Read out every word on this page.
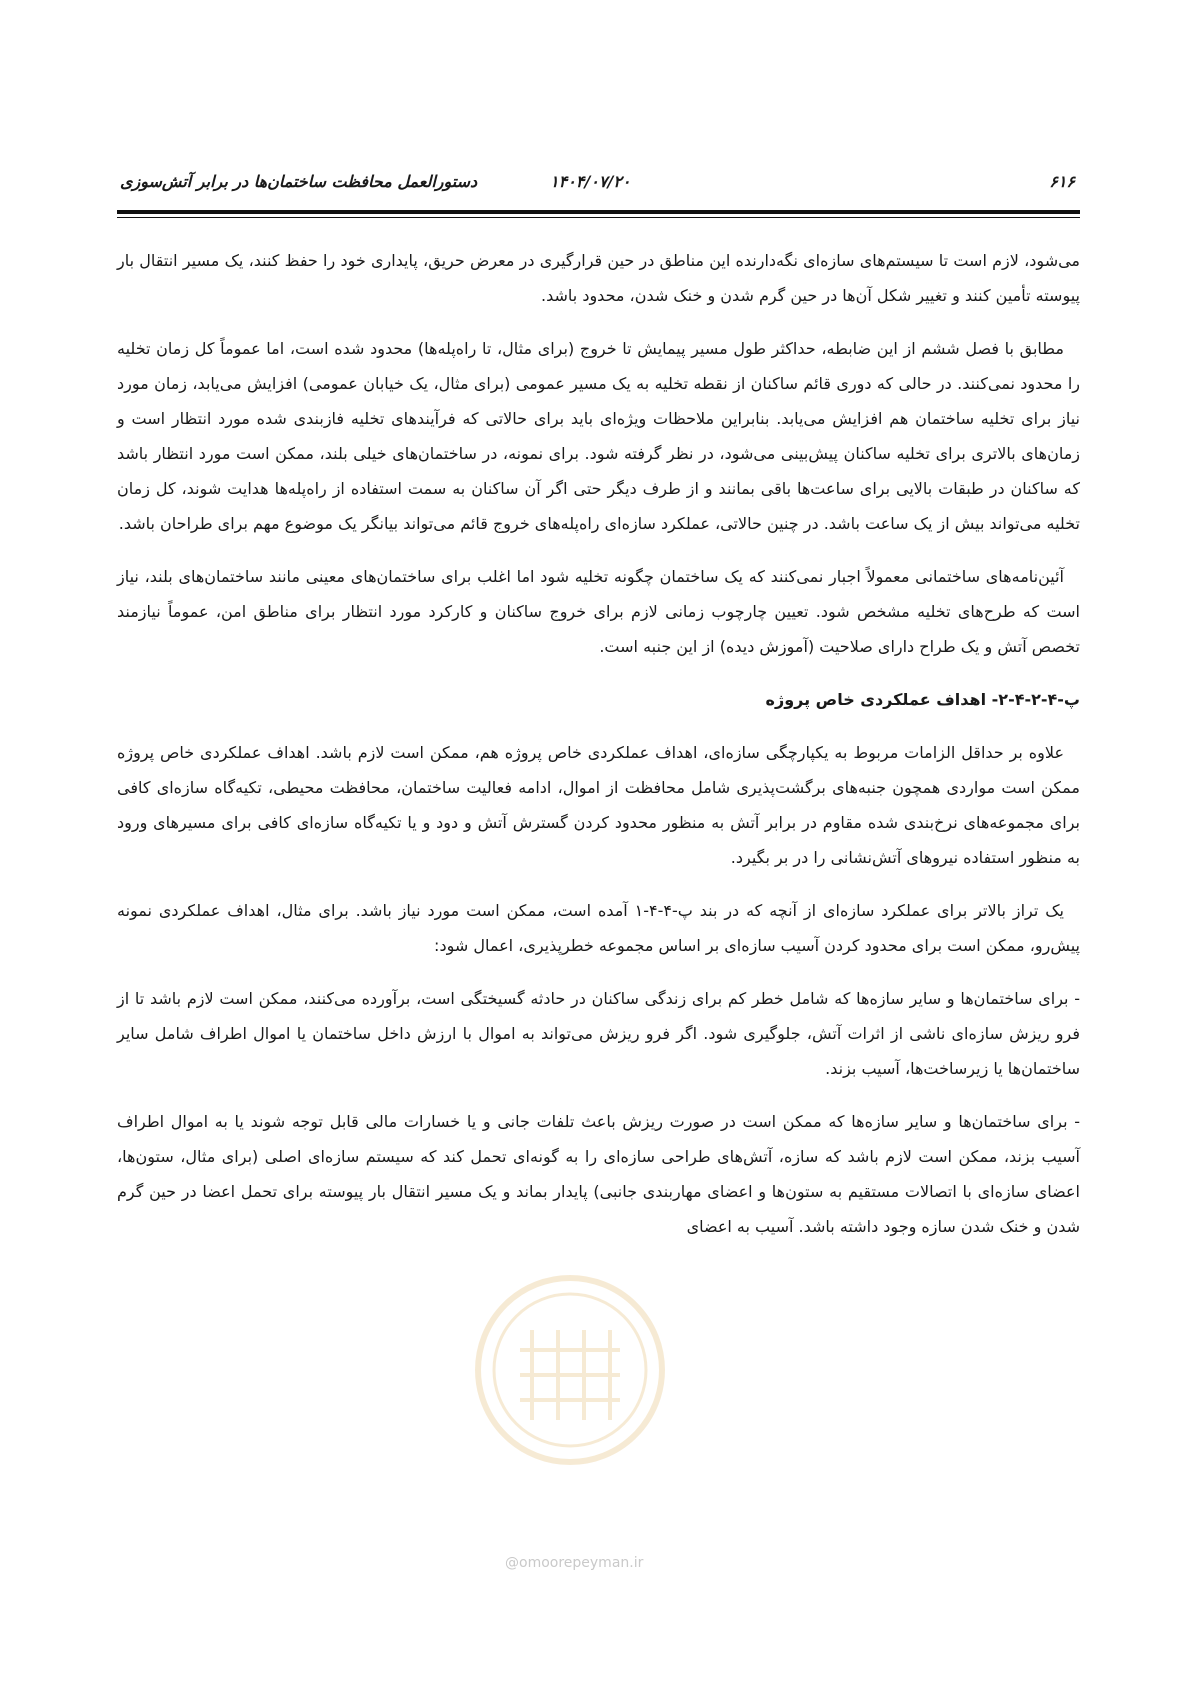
۶۱۶
۱۴۰۴/۰۷/۲۰
دستورالعمل محافظت ساختمان‌ها در برابر آتش‌سوزی

می‌شود، لازم است تا سیستم‌های سازه‌ای نگه‌دارنده این مناطق در حین قرارگیری در معرض حریق، پایداری خود را حفظ کنند، یک مسیر انتقال بار پیوسته تأمین کنند و تغییر شکل آن‌ها در حین گرم شدن و خنک شدن، محدود باشد.

مطابق با فصل ششم از این ضابطه، حداکثر طول مسیر پیمایش تا خروج (برای مثال، تا راه‌پله‌ها) محدود شده است، اما عموماً کل زمان تخلیه را محدود نمی‌کنند. در حالی که دوری قائم ساکنان از نقطه تخلیه به یک مسیر عمومی (برای مثال، یک خیابان عمومی) افزایش می‌یابد، زمان مورد نیاز برای تخلیه ساختمان هم افزایش می‌یابد. بنابراین ملاحظات ویژه‌ای باید برای حالاتی که فرآیندهای تخلیه فازبندی شده مورد انتظار است و زمان‌های بالاتری برای تخلیه ساکنان پیش‌بینی می‌شود، در نظر گرفته شود. برای نمونه، در ساختمان‌های خیلی بلند، ممکن است مورد انتظار باشد که ساکنان در طبقات بالایی برای ساعت‌ها باقی بمانند و از طرف دیگر حتی اگر آن ساکنان به سمت استفاده از راه‌پله‌ها هدایت شوند، کل زمان تخلیه می‌تواند بیش از یک ساعت باشد. در چنین حالاتی، عملکرد سازه‌ای راه‌پله‌های خروج قائم می‌تواند بیانگر یک موضوع مهم برای طراحان باشد.

آئین‌نامه‌های ساختمانی معمولاً اجبار نمی‌کنند که یک ساختمان چگونه تخلیه شود اما اغلب برای ساختمان‌های معینی مانند ساختمان‌های بلند، نیاز است که طرح‌های تخلیه مشخص شود. تعیین چارچوب زمانی لازم برای خروج ساکنان و کارکرد مورد انتظار برای مناطق امن، عموماً نیازمند تخصص آتش و یک طراح دارای صلاحیت (آموزش دیده) از این جنبه است.

پ-۴-۲-۴-۲- اهداف عملکردی خاص پروژه

علاوه بر حداقل الزامات مربوط به یکپارچگی سازه‌ای، اهداف عملکردی خاص پروژه هم، ممکن است لازم باشد. اهداف عملکردی خاص پروژه ممکن است مواردی همچون جنبه‌های برگشت‌پذیری شامل محافظت از اموال، ادامه فعالیت ساختمان، محافظت محیطی، تکیه‌گاه سازه‌ای کافی برای مجموعه‌های نرخ‌بندی شده مقاوم در برابر آتش به منظور محدود کردن گسترش آتش و دود و یا تکیه‌گاه سازه‌ای کافی برای مسیرهای ورود به منظور استفاده نیروهای آتش‌نشانی را در بر بگیرد.

یک تراز بالاتر برای عملکرد سازه‌ای از آنچه که در بند پ-۴-۴-۱ آمده است، ممکن است مورد نیاز باشد. برای مثال، اهداف عملکردی نمونه پیش‌رو، ممکن است برای محدود کردن آسیب سازه‌ای بر اساس مجموعه خطرپذیری، اعمال شود:

- برای ساختمان‌ها و سایر سازه‌ها که شامل خطر کم برای زندگی ساکنان در حادثه گسیختگی است، برآورده می‌کنند، ممکن است لازم باشد تا از فرو ریزش سازه‌ای ناشی از اثرات آتش، جلوگیری شود. اگر فرو ریزش می‌تواند به اموال با ارزش داخل ساختمان یا اموال اطراف شامل سایر ساختمان‌ها یا زیرساخت‌ها، آسیب بزند.

- برای ساختمان‌ها و سایر سازه‌ها که ممکن است در صورت ریزش باعث تلفات جانی و یا خسارات مالی قابل توجه شوند یا به اموال اطراف آسیب بزند، ممکن است لازم باشد که سازه، آتش‌های طراحی سازه‌ای را به گونه‌ای تحمل کند که سیستم سازه‌ای اصلی (برای مثال، ستون‌ها، اعضای سازه‌ای با اتصالات مستقیم به ستون‌ها و اعضای مهاربندی جانبی) پایدار بماند و یک مسیر انتقال بار پیوسته برای تحمل اعضا در حین گرم شدن و خنک شدن سازه وجود داشته باشد. آسیب به اعضای

@omoorepeyman.ir
